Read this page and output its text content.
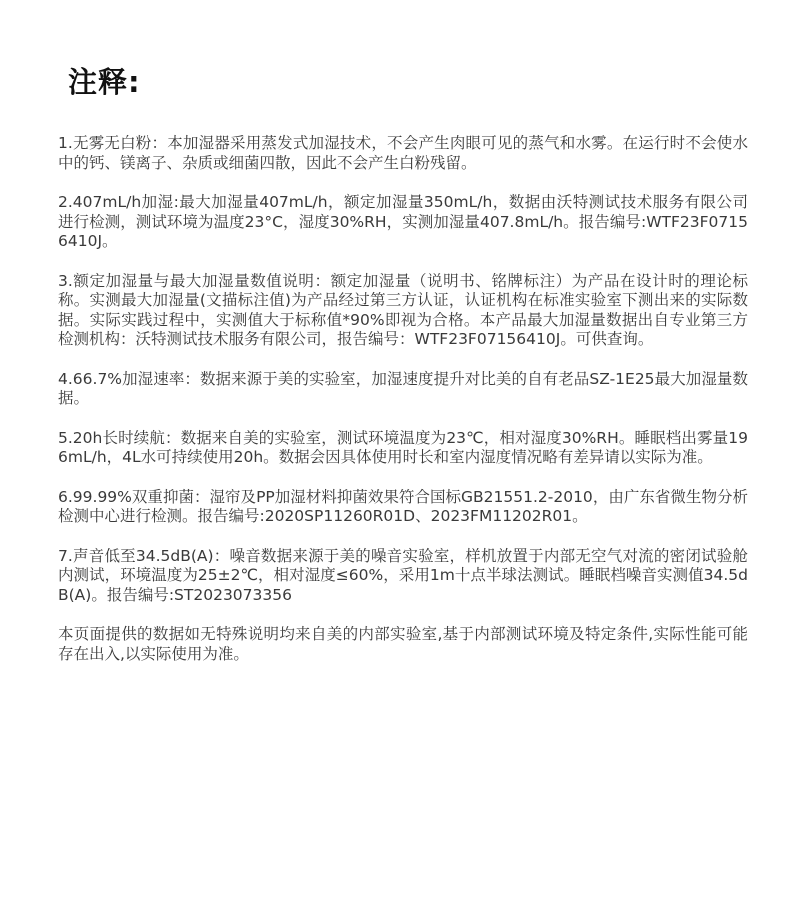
注释:

1.无雾无白粉：本加湿器采用蒸发式加湿技术，不会产生肉眼可见的蒸气和水雾。在运行时不会使水中的钙、镁离子、杂质或细菌四散，因此不会产生白粉残留。

2.407mL/h加湿:最大加湿量407mL/h，额定加湿量350mL/h，数据由沃特测试技术服务有限公司进行检测，测试环境为温度23°C，湿度30%RH，实测加湿量407.8mL/h。报告编号:WTF23F07156410J。

3.额定加湿量与最大加湿量数值说明：额定加湿量（说明书、铭牌标注）为产品在设计时的理论标称。实测最大加湿量(文描标注值)为产品经过第三方认证，认证机构在标准实验室下测出来的实际数据。实际实践过程中，实测值大于标称值*90%即视为合格。本产品最大加湿量数据出自专业第三方检测机构：沃特测试技术服务有限公司，报告编号：WTF23F07156410J。可供查询。

4.66.7%加湿速率：数据来源于美的实验室，加湿速度提升对比美的自有老品SZ-1E25最大加湿量数据。

5.20h长时续航：数据来自美的实验室，测试环境温度为23℃，相对湿度30%RH。睡眠档出雾量196mL/h，4L水可持续使用20h。数据会因具体使用时长和室内湿度情况略有差异请以实际为准。

6.99.99%双重抑菌：湿帘及PP加湿材料抑菌效果符合国标GB21551.2-2010，由广东省微生物分析检测中心进行检测。报告编号:2020SP11260R01D、2023FM11202R01。

7.声音低至34.5dB(A)：噪音数据来源于美的噪音实验室，样机放置于内部无空气对流的密闭试验舱内测试，环境温度为25±2℃，相对湿度≤60%，采用1m十点半球法测试。睡眠档噪音实测值34.5dB(A)。报告编号:ST2023073356

本页面提供的数据如无特殊说明均来自美的内部实验室,基于内部测试环境及特定条件,实际性能可能存在出入,以实际使用为准。
